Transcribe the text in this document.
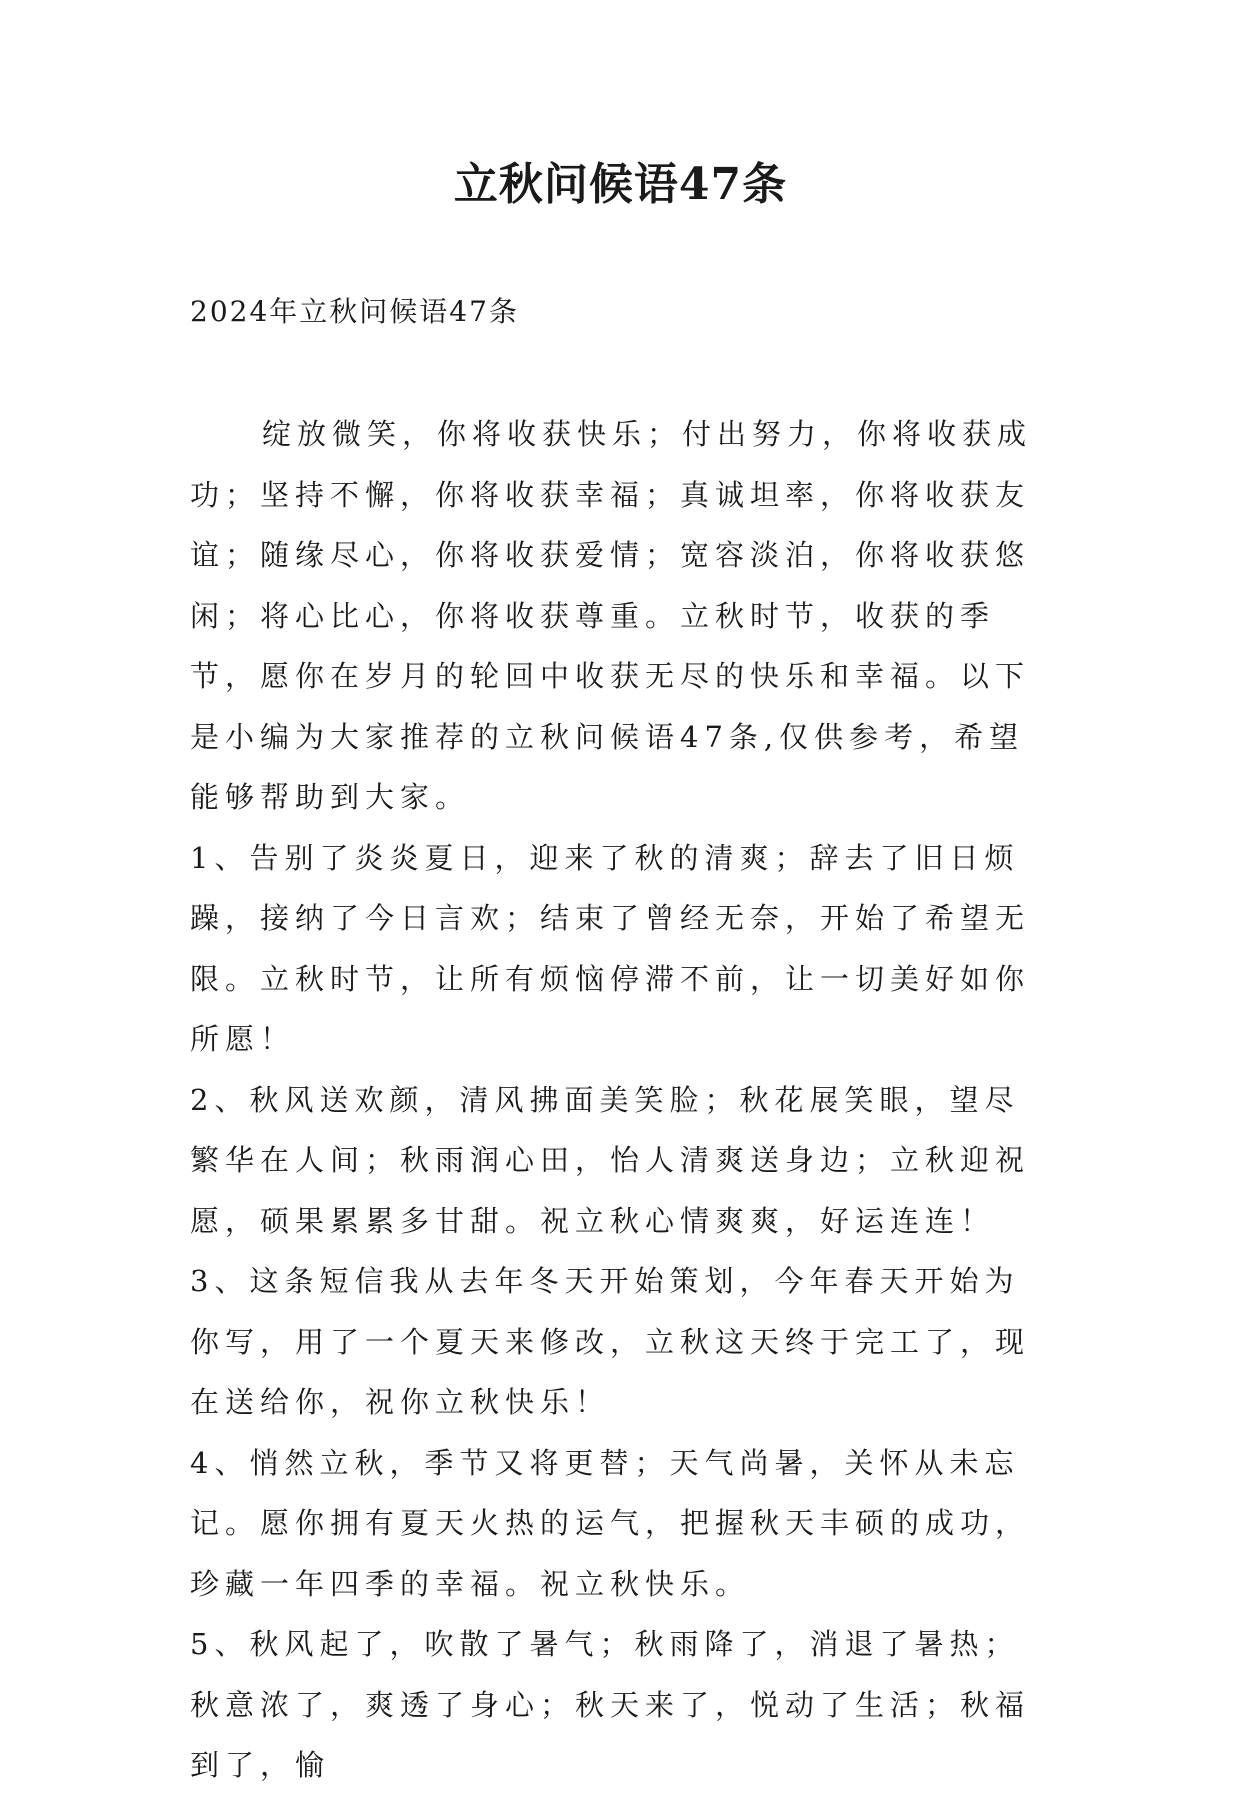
立秋问候语47条
2024年立秋问候语47条

绽放微笑，你将收获快乐；付出努力，你将收获成功；坚持不懈，你将收获幸福；真诚坦率，你将收获友谊；随缘尽心，你将收获爱情；宽容淡泊，你将收获悠闲；将心比心，你将收获尊重。立秋时节，收获的季节，愿你在岁月的轮回中收获无尽的快乐和幸福。以下是小编为大家推荐的立秋问候语47条,仅供参考，希望能够帮助到大家。

1、告别了炎炎夏日，迎来了秋的清爽；辞去了旧日烦躁，接纳了今日言欢；结束了曾经无奈，开始了希望无限。立秋时节，让所有烦恼停滞不前，让一切美好如你所愿！

2、秋风送欢颜，清风拂面美笑脸；秋花展笑眼，望尽繁华在人间；秋雨润心田，怡人清爽送身边；立秋迎祝愿，硕果累累多甘甜。祝立秋心情爽爽，好运连连！

3、这条短信我从去年冬天开始策划，今年春天开始为你写，用了一个夏天来修改，立秋这天终于完工了，现在送给你，祝你立秋快乐！

4、悄然立秋，季节又将更替；天气尚暑，关怀从未忘记。愿你拥有夏天火热的运气，把握秋天丰硕的成功，珍藏一年四季的幸福。祝立秋快乐。

5、秋风起了，吹散了暑气；秋雨降了，消退了暑热；秋意浓了，爽透了身心；秋天来了，悦动了生活；秋福到了，愉
